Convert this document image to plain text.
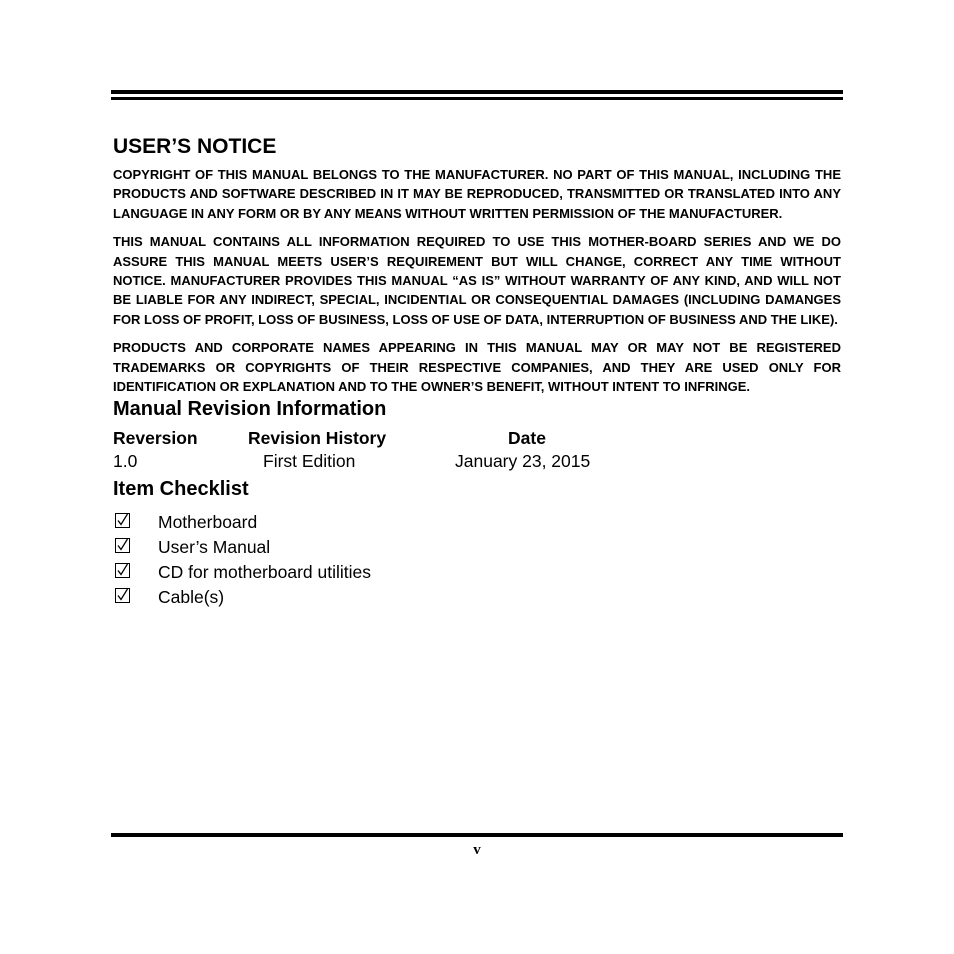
USER’S NOTICE

COPYRIGHT OF THIS MANUAL BELONGS TO THE MANUFACTURER. NO PART OF THIS MANUAL, INCLUDING THE PRODUCTS AND SOFTWARE DESCRIBED IN IT MAY BE REPRODUCED, TRANSMITTED OR TRANSLATED INTO ANY LANGUAGE IN ANY FORM OR BY ANY MEANS WITHOUT WRITTEN PERMISSION OF THE MANUFACTURER.

THIS MANUAL CONTAINS ALL INFORMATION REQUIRED TO USE THIS MOTHER-BOARD SERIES AND WE DO ASSURE THIS MANUAL MEETS USER’S REQUIREMENT BUT WILL CHANGE, CORRECT ANY TIME WITHOUT NOTICE. MANUFACTURER PROVIDES THIS MANUAL “AS IS” WITHOUT WARRANTY OF ANY KIND, AND WILL NOT BE LIABLE FOR ANY INDIRECT, SPECIAL, INCIDENTIAL OR CONSEQUENTIAL DAMAGES (INCLUDING DAMANGES FOR LOSS OF PROFIT, LOSS OF BUSINESS, LOSS OF USE OF DATA, INTERRUPTION OF BUSINESS AND THE LIKE).

PRODUCTS AND CORPORATE NAMES APPEARING IN THIS MANUAL MAY OR MAY NOT BE REGISTERED TRADEMARKS OR COPYRIGHTS OF THEIR RESPECTIVE COMPANIES, AND THEY ARE USED ONLY FOR IDENTIFICATION OR EXPLANATION AND TO THE OWNER’S BENEFIT, WITHOUT INTENT TO INFRINGE.

Manual Revision Information
Reversion	Revision History	Date
1.0	First Edition	January 23, 2015
Item Checklist
Motherboard
User’s Manual
CD for motherboard utilities
Cable(s)
v
